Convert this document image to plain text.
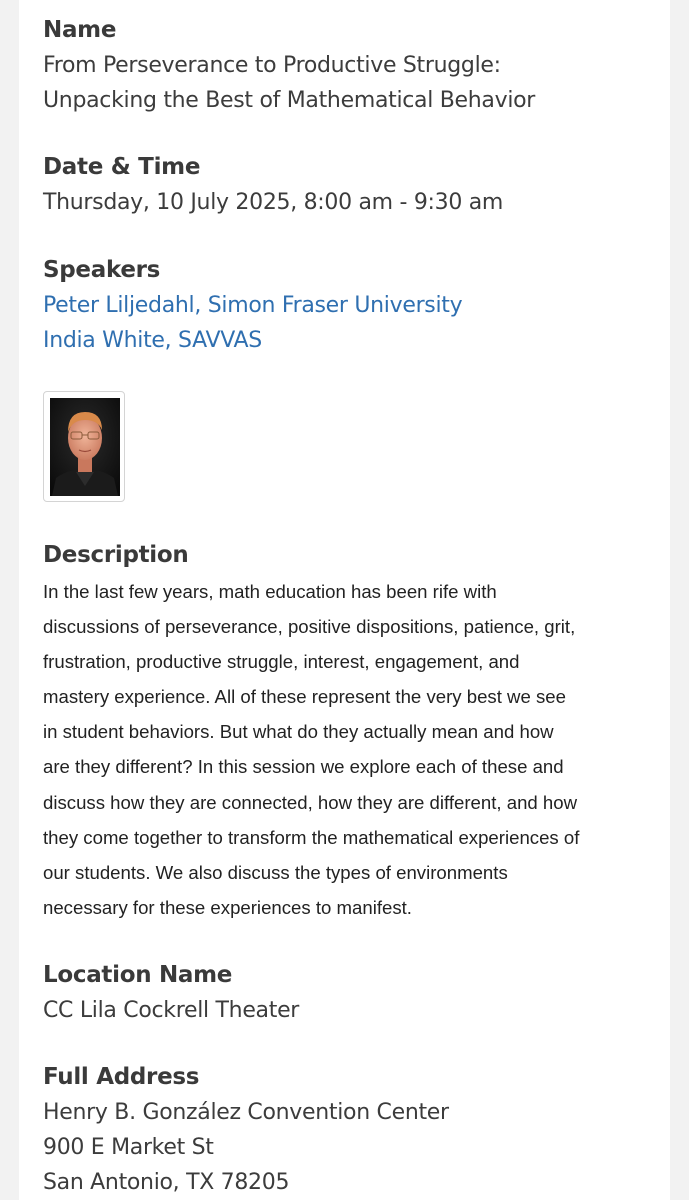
Name
From Perseverance to Productive Struggle:
Unpacking the Best of Mathematical Behavior
Date & Time
Thursday, 10 July 2025, 8:00 am - 9:30 am
Speakers
Peter Liljedahl, Simon Fraser University
India White, SAVVAS
Description
In the last few years, math education has been rife with
discussions of perseverance, positive dispositions, patience, grit,
frustration, productive struggle, interest, engagement, and
mastery experience. All of these represent the very best we see
in student behaviors. But what do they actually mean and how
are they different? In this session we explore each of these and
discuss how they are connected, how they are different, and how
they come together to transform the mathematical experiences of
our students. We also discuss the types of environments
necessary for these experiences to manifest.
Location Name
CC Lila Cockrell Theater
Full Address
Henry B. González Convention Center
900 E Market St
San Antonio, TX 78205
